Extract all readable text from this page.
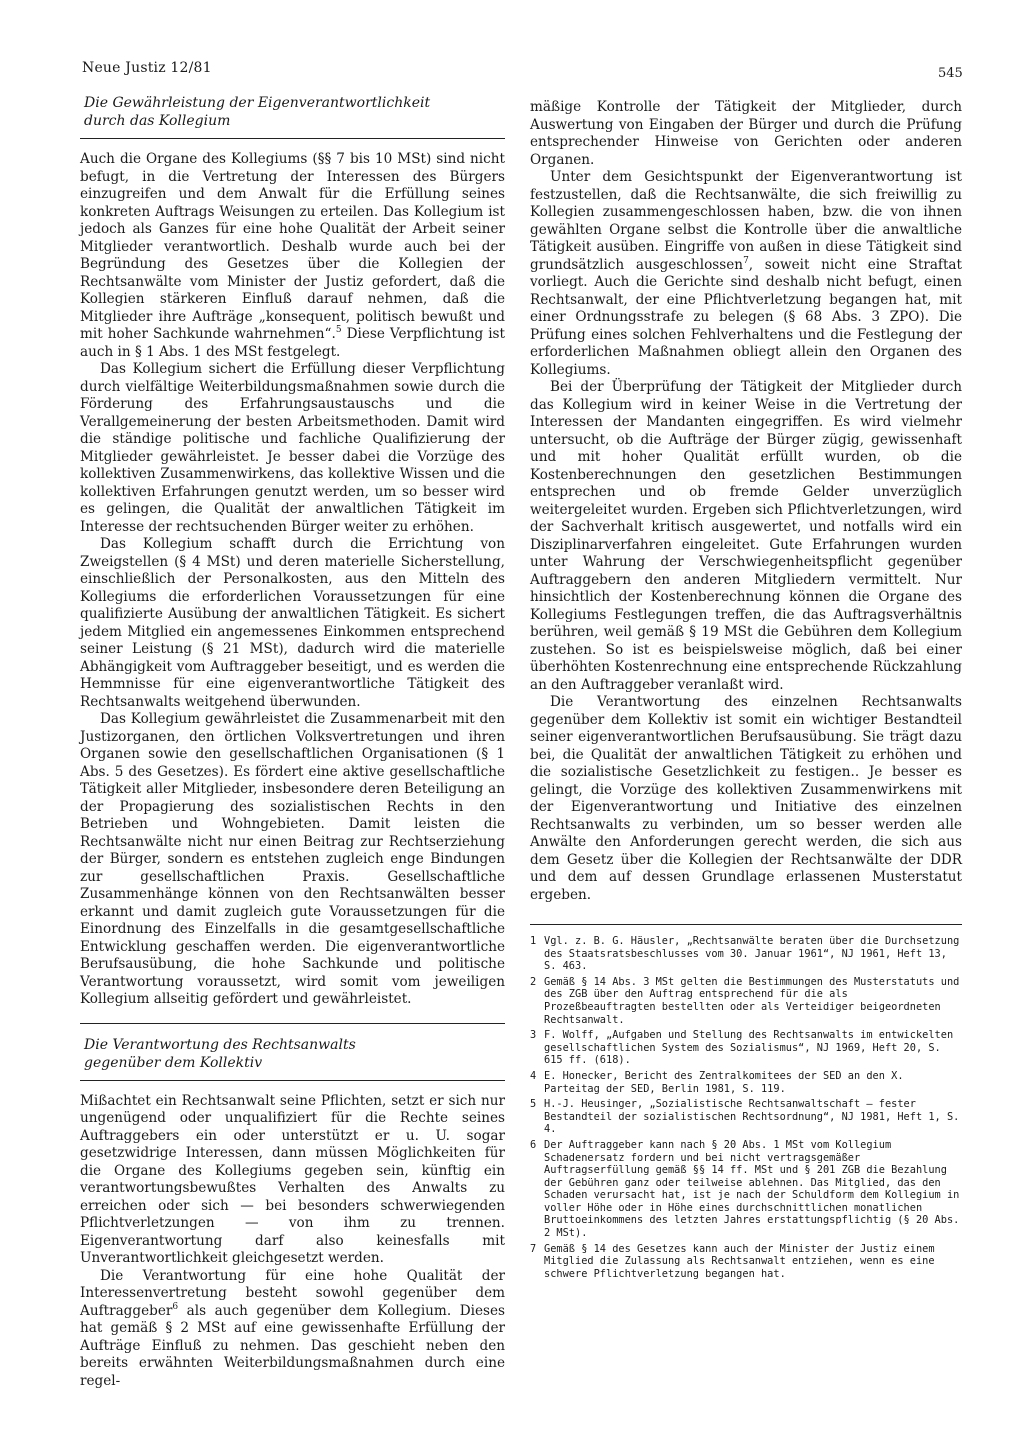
Neue Justiz 12/81	545
Die Gewährleistung der Eigenverantwortlichkeit
durch das Kollegium

Auch die Organe des Kollegiums (§§ 7 bis 10 MSt) sind nicht befugt, in die Vertretung der Interessen des Bürgers einzugreifen und dem Anwalt für die Erfüllung seines konkreten Auftrags Weisungen zu erteilen. Das Kollegium ist jedoch als Ganzes für eine hohe Qualität der Arbeit seiner Mitglieder verantwortlich. Deshalb wurde auch bei der Begründung des Gesetzes über die Kollegien der Rechtsanwälte vom Minister der Justiz gefordert, daß die Kollegien stärkeren Einfluß darauf nehmen, daß die Mitglieder ihre Aufträge „konsequent, politisch bewußt und mit hoher Sachkunde wahrnehmen“.$^5$ Diese Verpflichtung ist auch in § 1 Abs. 1 des MSt festgelegt.

Das Kollegium sichert die Erfüllung dieser Verpflichtung durch vielfältige Weiterbildungsmaßnahmen sowie durch die Förderung des Erfahrungsaustauschs und die Verallgemeinerung der besten Arbeitsmethoden. Damit wird die ständige politische und fachliche Qualifizierung der Mitglieder gewährleistet. Je besser dabei die Vorzüge des kollektiven Zusammenwirkens, das kollektive Wissen und die kollektiven Erfahrungen genutzt werden, um so besser wird es gelingen, die Qualität der anwaltlichen Tätigkeit im Interesse der rechtsuchenden Bürger weiter zu erhöhen.

Das Kollegium schafft durch die Errichtung von Zweigstellen (§ 4 MSt) und deren materielle Sicherstellung, einschließlich der Personalkosten, aus den Mitteln des Kollegiums die erforderlichen Voraussetzungen für eine qualifizierte Ausübung der anwaltlichen Tätigkeit. Es sichert jedem Mitglied ein angemessenes Einkommen entsprechend seiner Leistung (§ 21 MSt), dadurch wird die materielle Abhängigkeit vom Auftraggeber beseitigt, und es werden die Hemmnisse für eine eigenverantwortliche Tätigkeit des Rechtsanwalts weitgehend überwunden.

Das Kollegium gewährleistet die Zusammenarbeit mit den Justizorganen, den örtlichen Volksvertretungen und ihren Organen sowie den gesellschaftlichen Organisationen (§ 1 Abs. 5 des Gesetzes). Es fördert eine aktive gesellschaftliche Tätigkeit aller Mitglieder, insbesondere deren Beteiligung an der Propagierung des sozialistischen Rechts in den Betrieben und Wohngebieten. Damit leisten die Rechtsanwälte nicht nur einen Beitrag zur Rechtserziehung der Bürger, sondern es entstehen zugleich enge Bindungen zur gesellschaftlichen Praxis. Gesellschaftliche Zusammenhänge können von den Rechtsanwälten besser erkannt und damit zugleich gute Voraussetzungen für die Einordnung des Einzelfalls in die gesamtgesellschaftliche Entwicklung geschaffen werden. Die eigenverantwortliche Berufsausübung, die hohe Sachkunde und politische Verantwortung voraussetzt, wird somit vom jeweiligen Kollegium allseitig gefördert und gewährleistet.

Die Verantwortung des Rechtsanwalts
gegenüber dem Kollektiv

Mißachtet ein Rechtsanwalt seine Pflichten, setzt er sich nur ungenügend oder unqualifiziert für die Rechte seines Auftraggebers ein oder unterstützt er u. U. sogar gesetzwidrige Interessen, dann müssen Möglichkeiten für die Organe des Kollegiums gegeben sein, künftig ein verantwortungsbewußtes Verhalten des Anwalts zu erreichen oder sich — bei besonders schwerwiegenden Pflichtverletzungen — von ihm zu trennen. Eigenverantwortung darf also keinesfalls mit Unverantwortlichkeit gleichgesetzt werden.

Die Verantwortung für eine hohe Qualität der Interessenvertretung besteht sowohl gegenüber dem Auftraggeber$^6$ als auch gegenüber dem Kollegium. Dieses hat gemäß § 2 MSt auf eine gewissenhafte Erfüllung der Aufträge Einfluß zu nehmen. Das geschieht neben den bereits erwähnten Weiterbildungsmaßnahmen durch eine regel-

mäßige Kontrolle der Tätigkeit der Mitglieder, durch Auswertung von Eingaben der Bürger und durch die Prüfung entsprechender Hinweise von Gerichten oder anderen Organen.

Unter dem Gesichtspunkt der Eigenverantwortung ist festzustellen, daß die Rechtsanwälte, die sich freiwillig zu Kollegien zusammengeschlossen haben, bzw. die von ihnen gewählten Organe selbst die Kontrolle über die anwaltliche Tätigkeit ausüben. Eingriffe von außen in diese Tätigkeit sind grundsätzlich ausgeschlossen$^7$, soweit nicht eine Straftat vorliegt. Auch die Gerichte sind deshalb nicht befugt, einen Rechtsanwalt, der eine Pflichtverletzung begangen hat, mit einer Ordnungsstrafe zu belegen (§ 68 Abs. 3 ZPO). Die Prüfung eines solchen Fehlverhaltens und die Festlegung der erforderlichen Maßnahmen obliegt allein den Organen des Kollegiums.

Bei der Überprüfung der Tätigkeit der Mitglieder durch das Kollegium wird in keiner Weise in die Vertretung der Interessen der Mandanten eingegriffen. Es wird vielmehr untersucht, ob die Aufträge der Bürger zügig, gewissenhaft und mit hoher Qualität erfüllt wurden, ob die Kostenberechnungen den gesetzlichen Bestimmungen entsprechen und ob fremde Gelder unverzüglich weitergeleitet wurden. Ergeben sich Pflichtverletzungen, wird der Sachverhalt kritisch ausgewertet, und notfalls wird ein Disziplinarverfahren eingeleitet. Gute Erfahrungen wurden unter Wahrung der Verschwiegenheitspflicht gegenüber Auftraggebern den anderen Mitgliedern vermittelt. Nur hinsichtlich der Kostenberechnung können die Organe des Kollegiums Festlegungen treffen, die das Auftragsverhältnis berühren, weil gemäß § 19 MSt die Gebühren dem Kollegium zustehen. So ist es beispielsweise möglich, daß bei einer überhöhten Kostenrechnung eine entsprechende Rückzahlung an den Auftraggeber veranlaßt wird.

Die Verantwortung des einzelnen Rechtsanwalts gegenüber dem Kollektiv ist somit ein wichtiger Bestandteil seiner eigenverantwortlichen Berufsausübung. Sie trägt dazu bei, die Qualität der anwaltlichen Tätigkeit zu erhöhen und die sozialistische Gesetzlichkeit zu festigen.. Je besser es gelingt, die Vorzüge des kollektiven Zusammenwirkens mit der Eigenverantwortung und Initiative des einzelnen Rechtsanwalts zu verbinden, um so besser werden alle Anwälte den Anforderungen gerecht werden, die sich aus dem Gesetz über die Kollegien der Rechtsanwälte der DDR und dem auf dessen Grundlage erlassenen Musterstatut ergeben.

1 Vgl. z. B. G. Häusler, „Rechtsanwälte beraten über die Durchsetzung des Staatsratsbeschlusses vom 30. Januar 1961“, NJ 1961, Heft 13, S. 463.
2 Gemäß § 14 Abs. 3 MSt gelten die Bestimmungen des Musterstatuts und des ZGB über den Auftrag entsprechend für die als Prozeßbeauftragten bestellten oder als Verteidiger beigeordneten Rechtsanwalt.
3 F. Wolff, „Aufgaben und Stellung des Rechtsanwalts im entwickelten gesellschaftlichen System des Sozialismus“, NJ 1969, Heft 20, S. 615 ff. (618).
4 E. Honecker, Bericht des Zentralkomitees der SED an den X. Parteitag der SED, Berlin 1981, S. 119.
5 H.-J. Heusinger, „Sozialistische Rechtsanwaltschaft — fester Bestandteil der sozialistischen Rechtsordnung“, NJ 1981, Heft 1, S. 4.
6 Der Auftraggeber kann nach § 20 Abs. 1 MSt vom Kollegium Schadenersatz fordern und bei nicht vertragsgemäßer Auftragserfüllung gemäß §§ 14 ff. MSt und § 201 ZGB die Bezahlung der Gebühren ganz oder teilweise ablehnen. Das Mitglied, das den Schaden verursacht hat, ist je nach der Schuldform dem Kollegium in voller Höhe oder in Höhe eines durchschnittlichen monatlichen Bruttoeinkommens des letzten Jahres erstattungspflichtig (§ 20 Abs. 2 MSt).
7 Gemäß § 14 des Gesetzes kann auch der Minister der Justiz einem Mitglied die Zulassung als Rechtsanwalt entziehen, wenn es eine schwere Pflichtverletzung begangen hat.
